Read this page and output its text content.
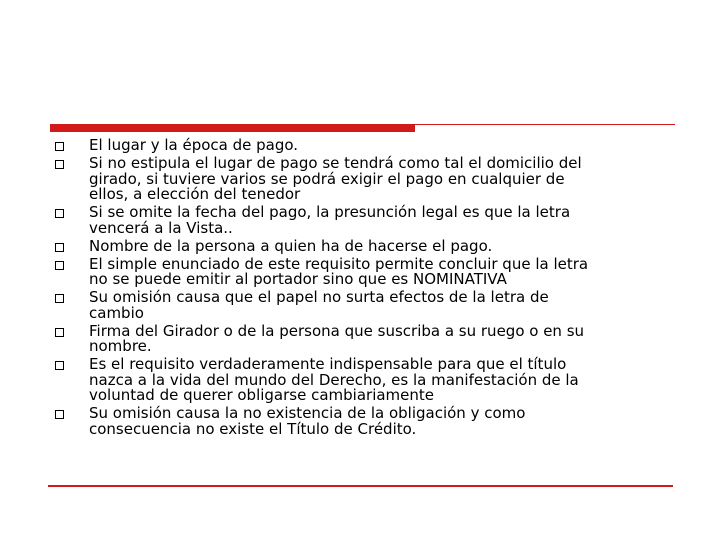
El lugar y la época de pago.
Si no estipula el lugar de pago se tendrá como tal el domicilio del
girado, si tuviere varios se podrá exigir el pago en cualquier de
ellos, a elección del tenedor
Si se omite la fecha del pago, la presunción legal es que la letra
vencerá a la Vista..
Nombre de la persona a quien ha de hacerse el pago.
El simple enunciado de este requisito permite concluir que la letra
no se puede emitir al portador sino que es NOMINATIVA
Su omisión causa que el papel no surta efectos de la letra de
cambio
Firma del Girador o de la persona que suscriba a su ruego o en su
nombre.
Es el requisito verdaderamente indispensable para que el título
nazca a la vida del mundo del Derecho, es la manifestación de la
voluntad de querer obligarse cambiariamente
Su omisión causa la no existencia de la obligación y como
consecuencia no existe el Título de Crédito.
